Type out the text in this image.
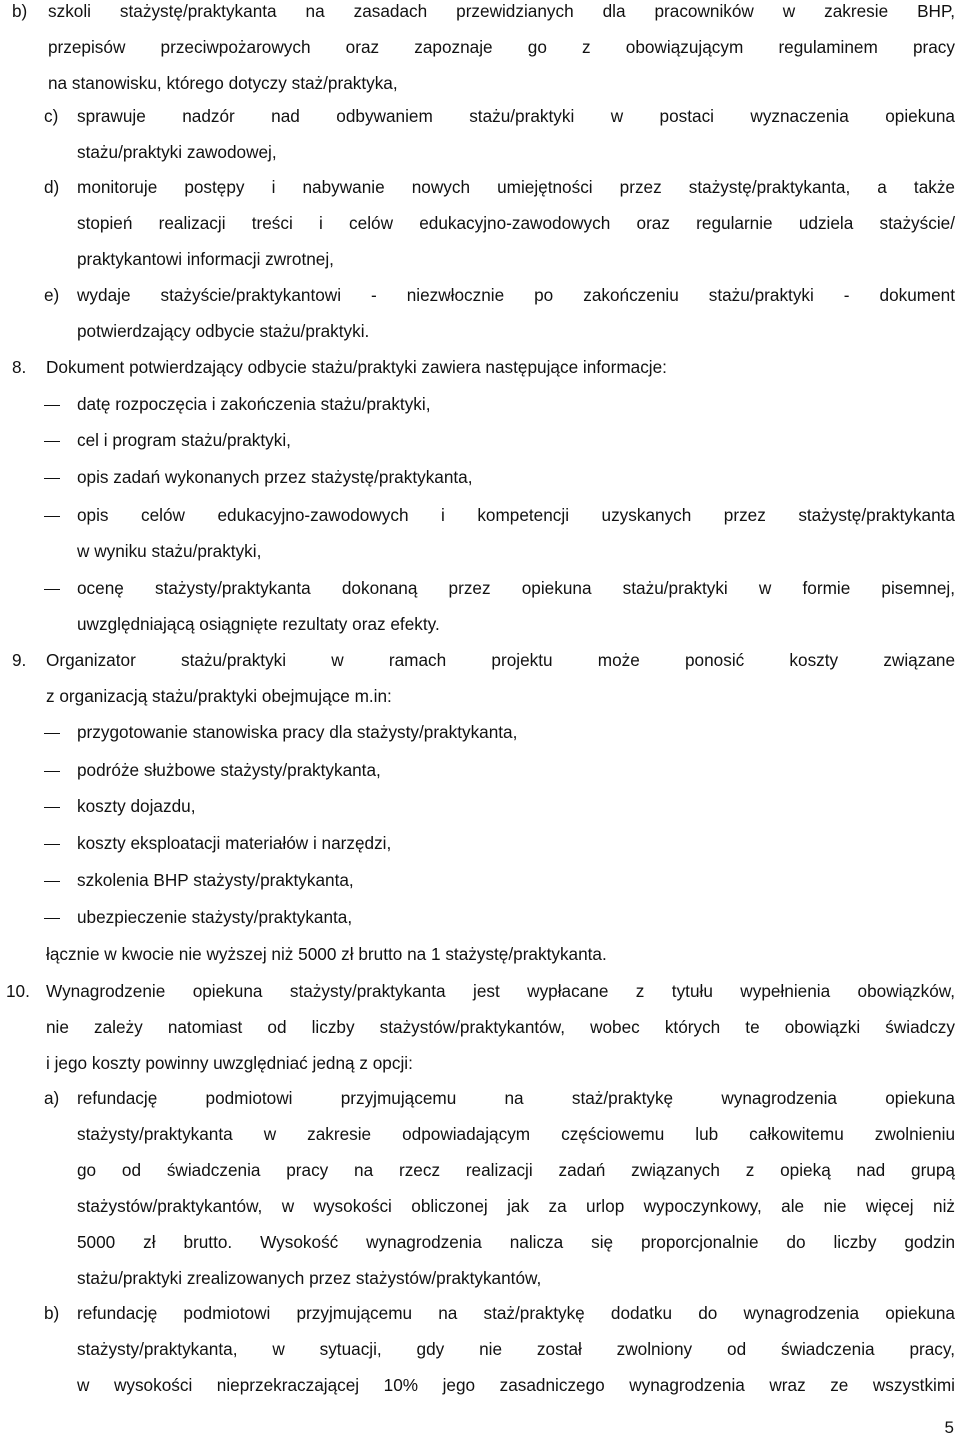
b) szkoli stażystę/praktykanta na zasadach przewidzianych dla pracowników w zakresie BHP,
przepisów przeciwpożarowych oraz zapoznaje go z obowiązującym regulaminem pracy
na stanowisku, którego dotyczy staż/praktyka,
c) sprawuje nadzór nad odbywaniem stażu/praktyki w postaci wyznaczenia opiekuna
stażu/praktyki zawodowej,
d) monitoruje postępy i nabywanie nowych umiejętności przez stażystę/praktykanta, a także
stopień realizacji treści i celów edukacyjno-zawodowych oraz regularnie udziela stażyście/
praktykantowi informacji zwrotnej,
e) wydaje stażyście/praktykantowi - niezwłocznie po zakończeniu stażu/praktyki - dokument
potwierdzający odbycie stażu/praktyki.
8. Dokument potwierdzający odbycie stażu/praktyki zawiera następujące informacje:
datę rozpoczęcia i zakończenia stażu/praktyki,
cel i program stażu/praktyki,
opis zadań wykonanych przez stażystę/praktykanta,
opis celów edukacyjno-zawodowych i kompetencji uzyskanych przez stażystę/praktykanta
w wyniku stażu/praktyki,
ocenę stażysty/praktykanta dokonaną przez opiekuna stażu/praktyki w formie pisemnej,
uwzględniającą osiągnięte rezultaty oraz efekty.
9. Organizator stażu/praktyki w ramach projektu może ponosić koszty związane
z organizacją stażu/praktyki obejmujące m.in:
przygotowanie stanowiska pracy dla stażysty/praktykanta,
podróże służbowe stażysty/praktykanta,
koszty dojazdu,
koszty eksploatacji materiałów i narzędzi,
szkolenia BHP stażysty/praktykanta,
ubezpieczenie stażysty/praktykanta,
łącznie w kwocie nie wyższej niż 5000 zł brutto na 1 stażystę/praktykanta.
10. Wynagrodzenie opiekuna stażysty/praktykanta jest wypłacane z tytułu wypełnienia obowiązków,
nie zależy natomiast od liczby stażystów/praktykantów, wobec których te obowiązki świadczy
i jego koszty powinny uwzględniać jedną z opcji:
a) refundację podmiotowi przyjmującemu na staż/praktykę wynagrodzenia opiekuna
stażysty/praktykanta w zakresie odpowiadającym częściowemu lub całkowitemu zwolnieniu
go od świadczenia pracy na rzecz realizacji zadań związanych z opieką nad grupą
stażystów/praktykantów, w wysokości obliczonej jak za urlop wypoczynkowy, ale nie więcej niż
5000 zł brutto. Wysokość wynagrodzenia nalicza się proporcjonalnie do liczby godzin
stażu/praktyki zrealizowanych przez stażystów/praktykantów,
b) refundację podmiotowi przyjmującemu na staż/praktykę dodatku do wynagrodzenia opiekuna
stażysty/praktykanta, w sytuacji, gdy nie został zwolniony od świadczenia pracy,
w wysokości nieprzekraczającej 10% jego zasadniczego wynagrodzenia wraz ze wszystkimi
5
